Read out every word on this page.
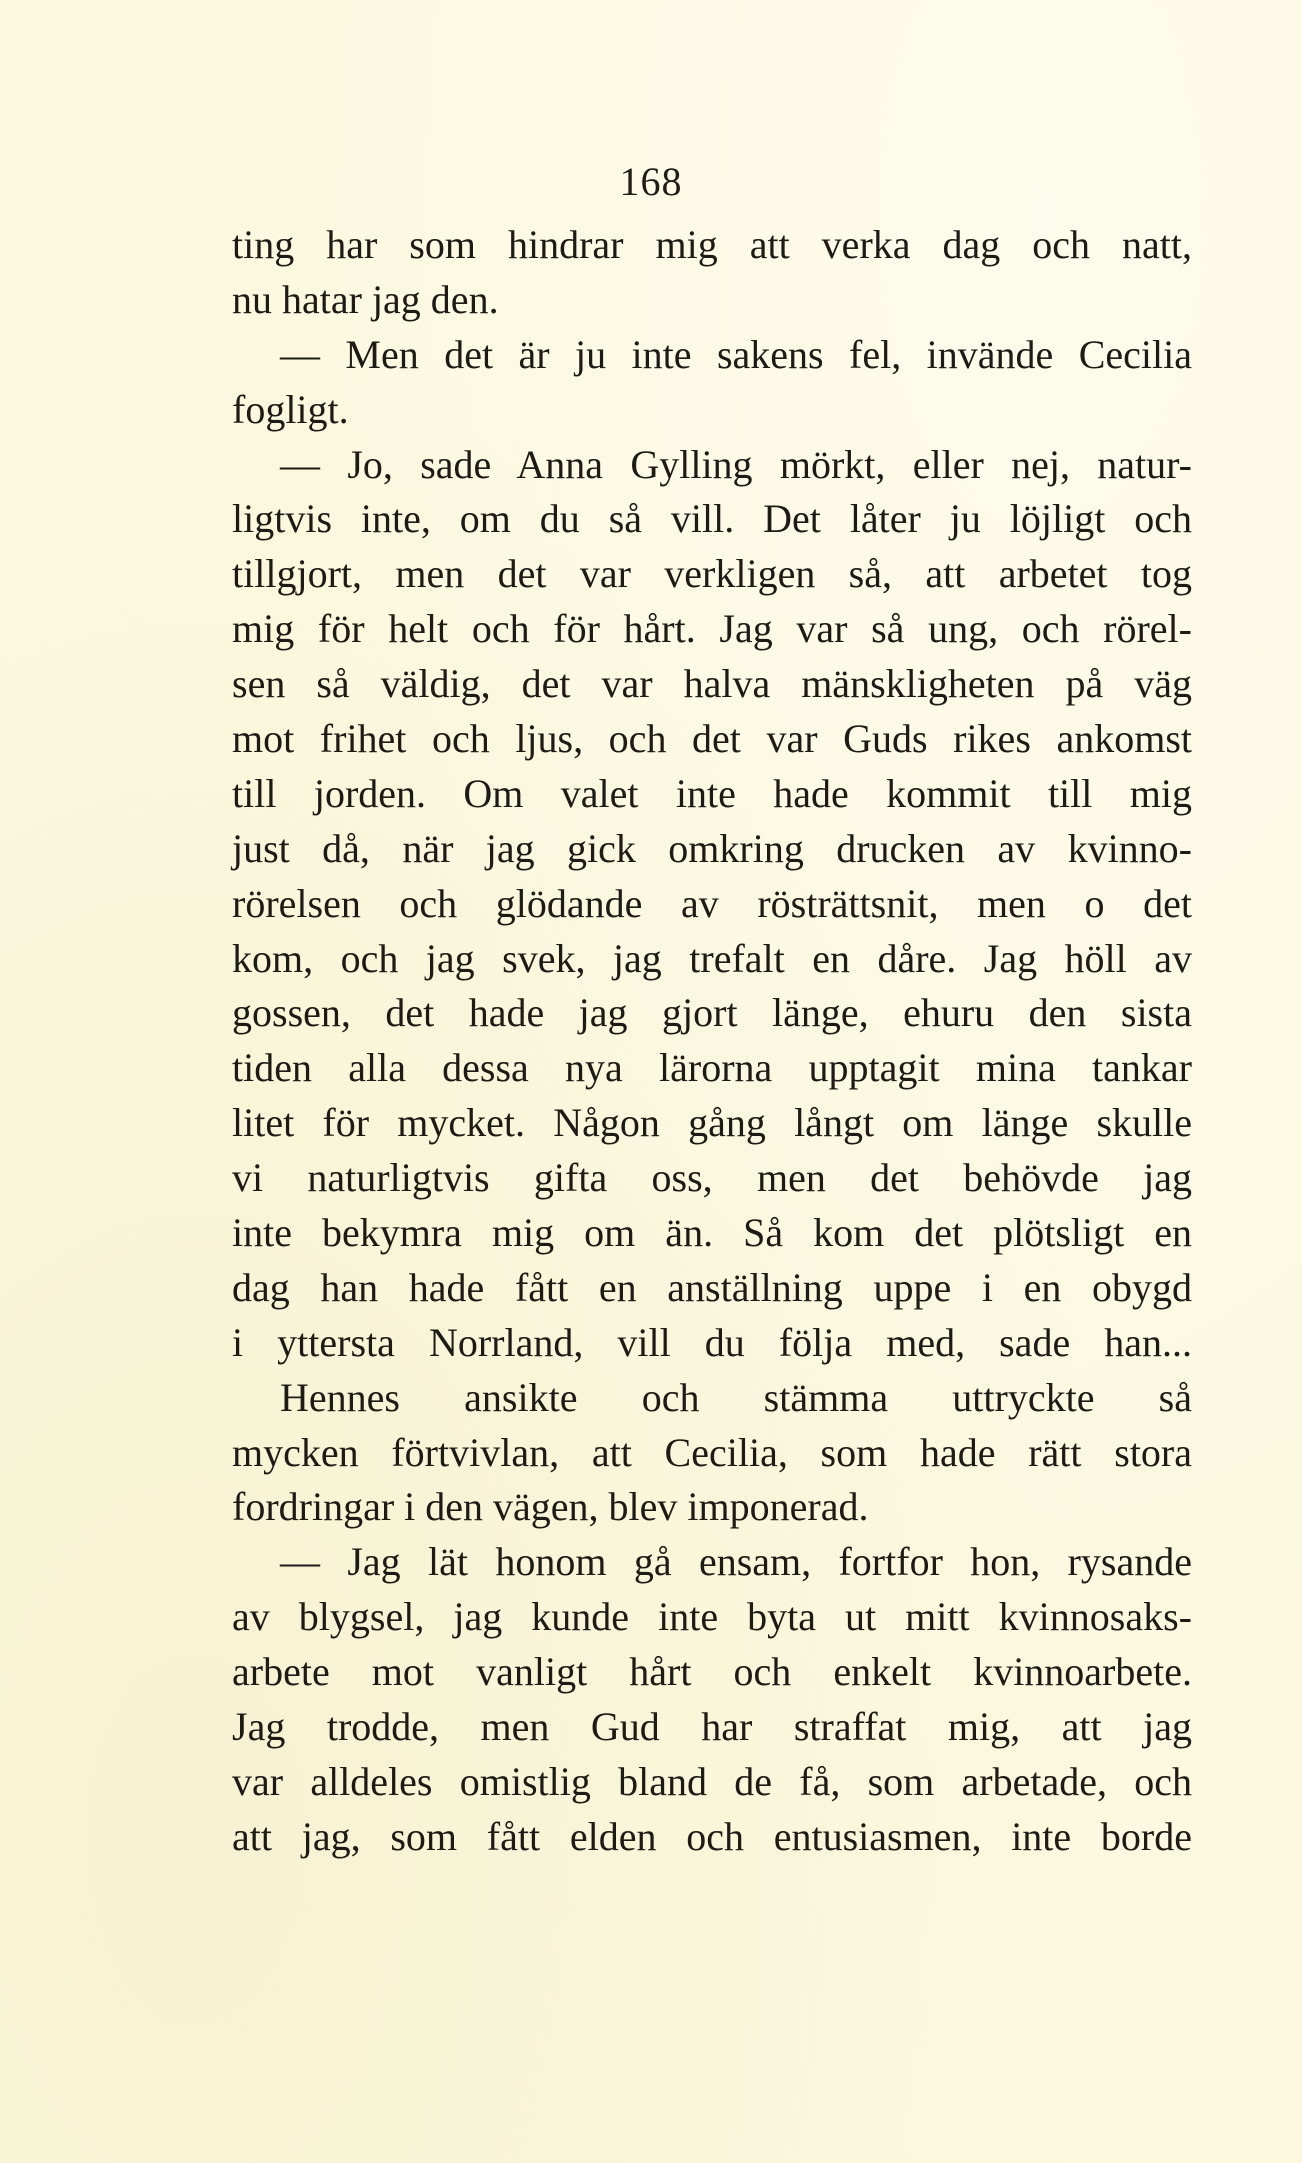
168
ting har som hindrar mig att verka dag och natt,
nu hatar jag den.
— Men det är ju inte sakens fel, invände Cecilia
fogligt.
— Jo, sade Anna Gylling mörkt, eller nej, natur-
ligtvis inte, om du så vill. Det låter ju löjligt och
tillgjort, men det var verkligen så, att arbetet tog
mig för helt och för hårt. Jag var så ung, och rörel-
sen så väldig, det var halva mänskligheten på väg
mot frihet och ljus, och det var Guds rikes ankomst
till jorden. Om valet inte hade kommit till mig
just då, när jag gick omkring drucken av kvinno-
rörelsen och glödande av rösträttsnit, men o det
kom, och jag svek, jag trefalt en dåre. Jag höll av
gossen, det hade jag gjort länge, ehuru den sista
tiden alla dessa nya lärorna upptagit mina tankar
litet för mycket. Någon gång långt om länge skulle
vi naturligtvis gifta oss, men det behövde jag
inte bekymra mig om än. Så kom det plötsligt en
dag han hade fått en anställning uppe i en obygd
i yttersta Norrland, vill du följa med, sade han...
Hennes ansikte och stämma uttryckte så
mycken förtvivlan, att Cecilia, som hade rätt stora
fordringar i den vägen, blev imponerad.
— Jag lät honom gå ensam, fortfor hon, rysande
av blygsel, jag kunde inte byta ut mitt kvinnosaks-
arbete mot vanligt hårt och enkelt kvinnoarbete.
Jag trodde, men Gud har straffat mig, att jag
var alldeles omistlig bland de få, som arbetade, och
att jag, som fått elden och entusiasmen, inte borde
